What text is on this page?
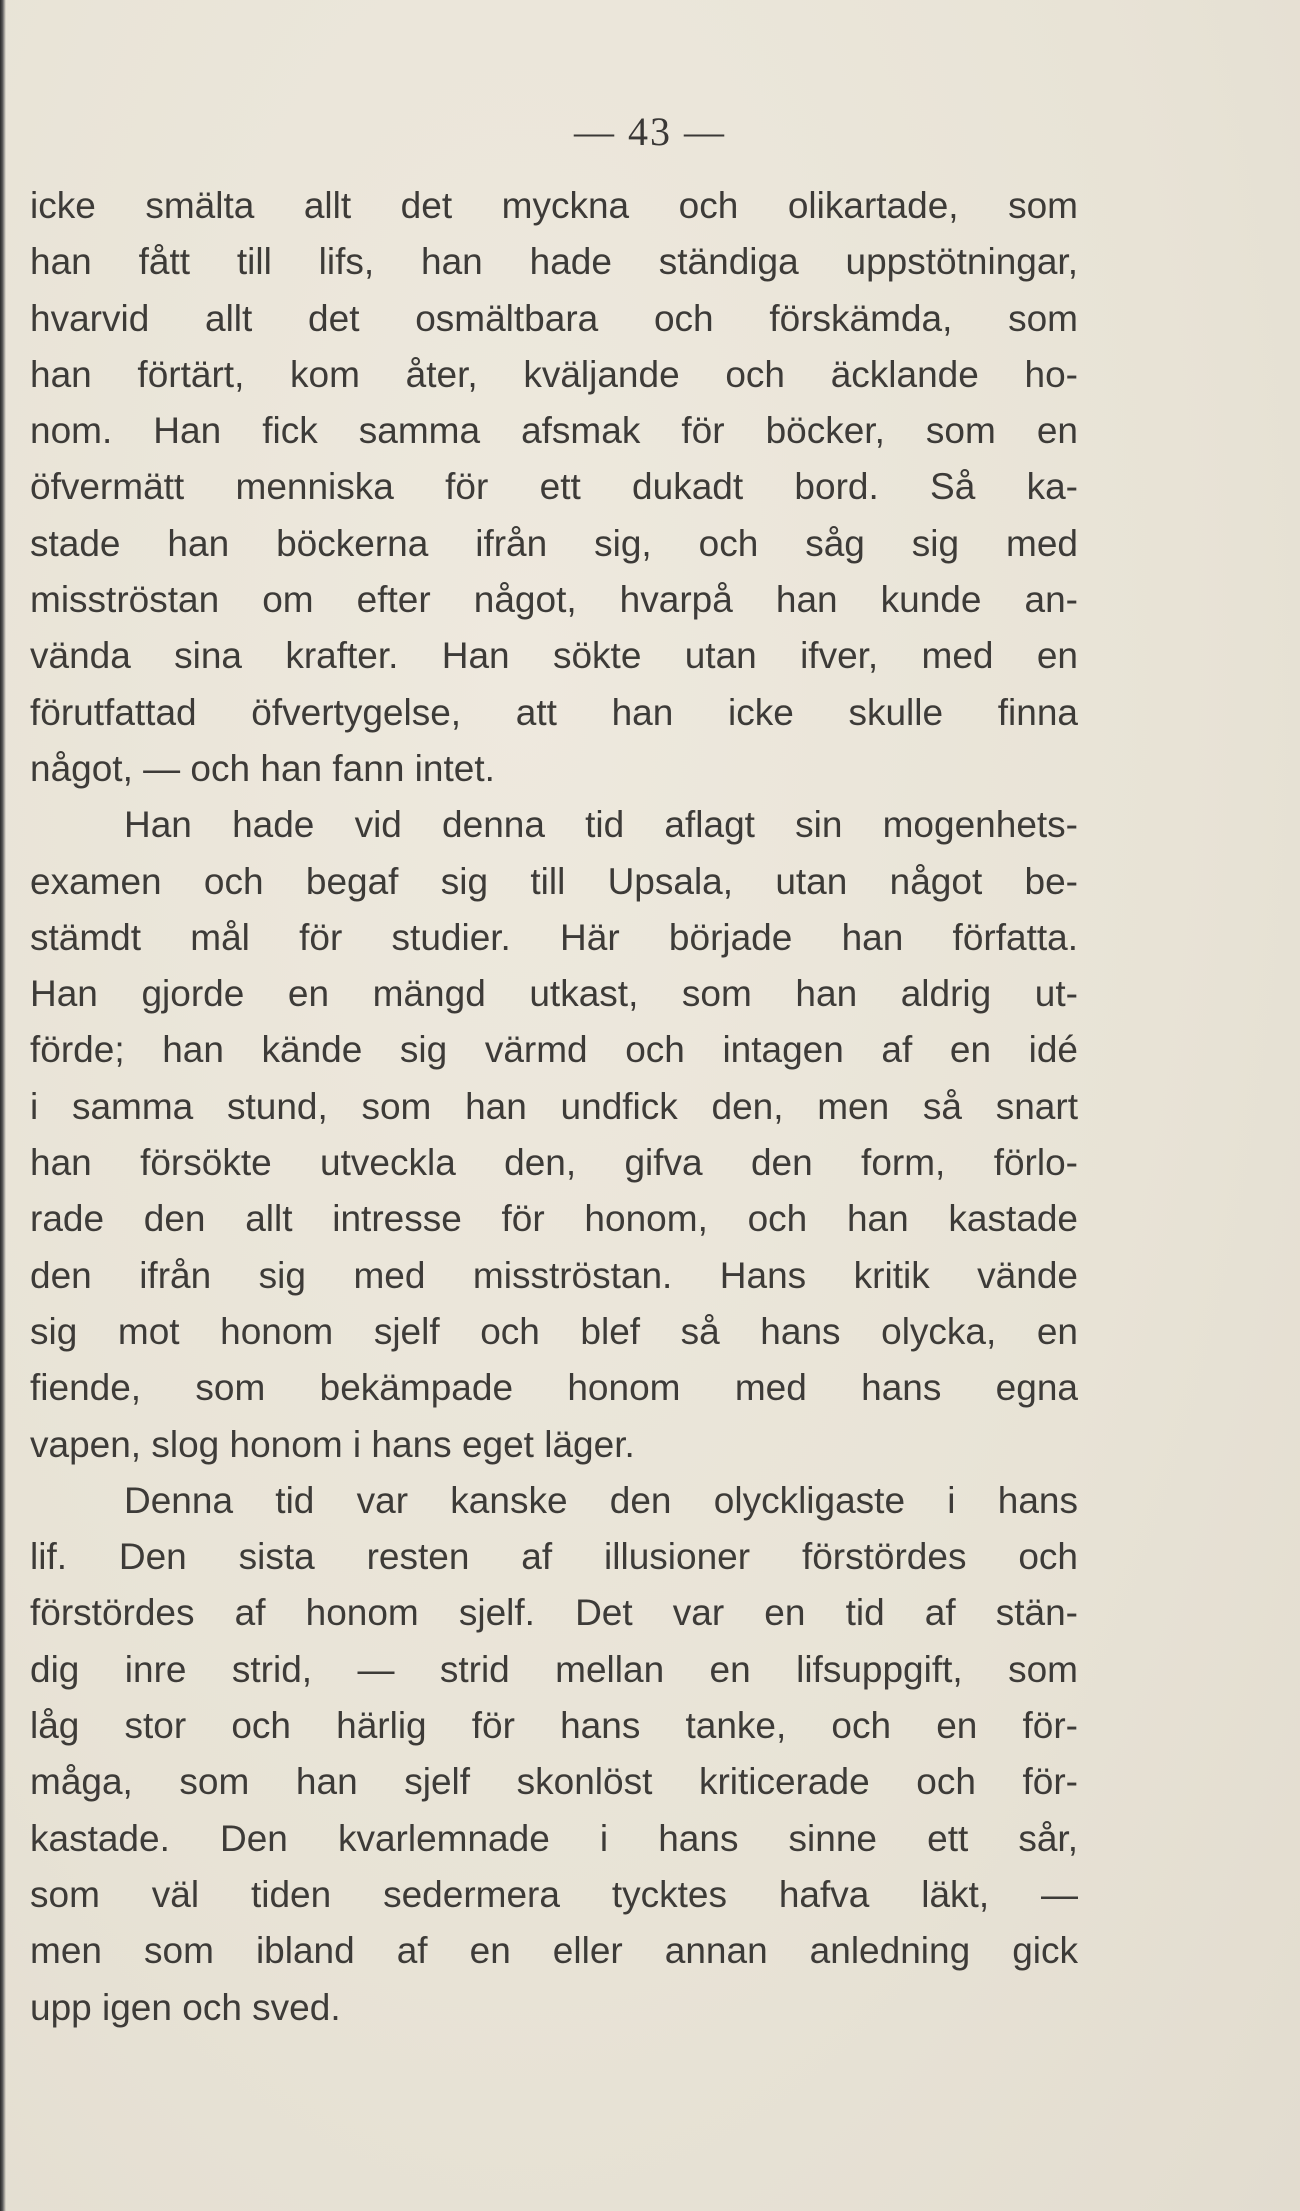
— 43 —
icke smälta allt det myckna och olikartade, som
han fått till lifs, han hade ständiga uppstötningar,
hvarvid allt det osmältbara och förskämda, som
han förtärt, kom åter, kväljande och äcklande ho-
nom. Han fick samma afsmak för böcker, som en
öfvermätt menniska för ett dukadt bord. Så ka-
stade han böckerna ifrån sig, och såg sig med
misströstan om efter något, hvarpå han kunde an-
vända sina krafter. Han sökte utan ifver, med en
förutfattad öfvertygelse, att han icke skulle finna
något, — och han fann intet.
Han hade vid denna tid aflagt sin mogenhets-
examen och begaf sig till Upsala, utan något be-
stämdt mål för studier. Här började han författa.
Han gjorde en mängd utkast, som han aldrig ut-
förde; han kände sig värmd och intagen af en idé
i samma stund, som han undfick den, men så snart
han försökte utveckla den, gifva den form, förlo-
rade den allt intresse för honom, och han kastade
den ifrån sig med misströstan. Hans kritik vände
sig mot honom sjelf och blef så hans olycka, en
fiende, som bekämpade honom med hans egna
vapen, slog honom i hans eget läger.
Denna tid var kanske den olyckligaste i hans
lif. Den sista resten af illusioner förstördes och
förstördes af honom sjelf. Det var en tid af stän-
dig inre strid, — strid mellan en lifsuppgift, som
låg stor och härlig för hans tanke, och en för-
måga, som han sjelf skonlöst kriticerade och för-
kastade. Den kvarlemnade i hans sinne ett sår,
som väl tiden sedermera tycktes hafva läkt, —
men som ibland af en eller annan anledning gick
upp igen och sved.
